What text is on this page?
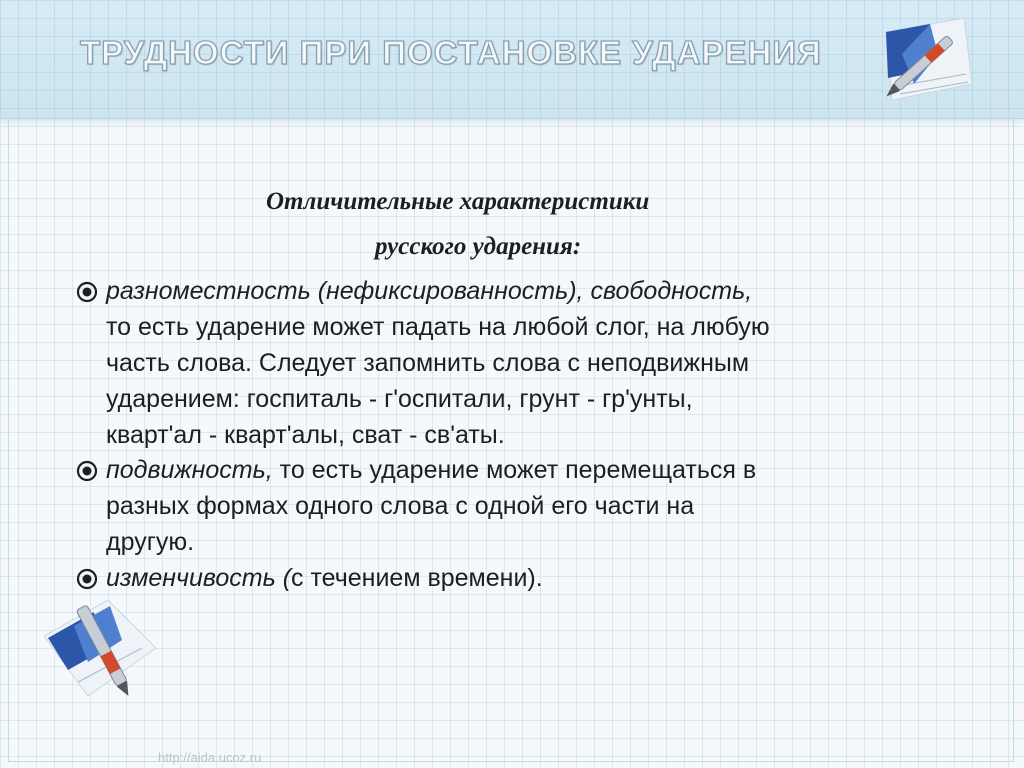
ТРУДНОСТИ ПРИ ПОСТАНОВКЕ УДАРЕНИЯ
Отличительные характеристики
русского ударения:
разноместность (нефиксированность), свободность,
то есть ударение может падать на любой слог, на любую
часть слова. Следует запомнить слова с неподвижным
ударением: госпиталь - г'оспитали, грунт - гр'унты,
кварт'ал - кварт'алы, сват - св'аты.
подвижность, то есть ударение может перемещаться в
разных формах одного слова с одной его части на
другую.
изменчивость (с течением времени).
http://aida.ucoz.ru
